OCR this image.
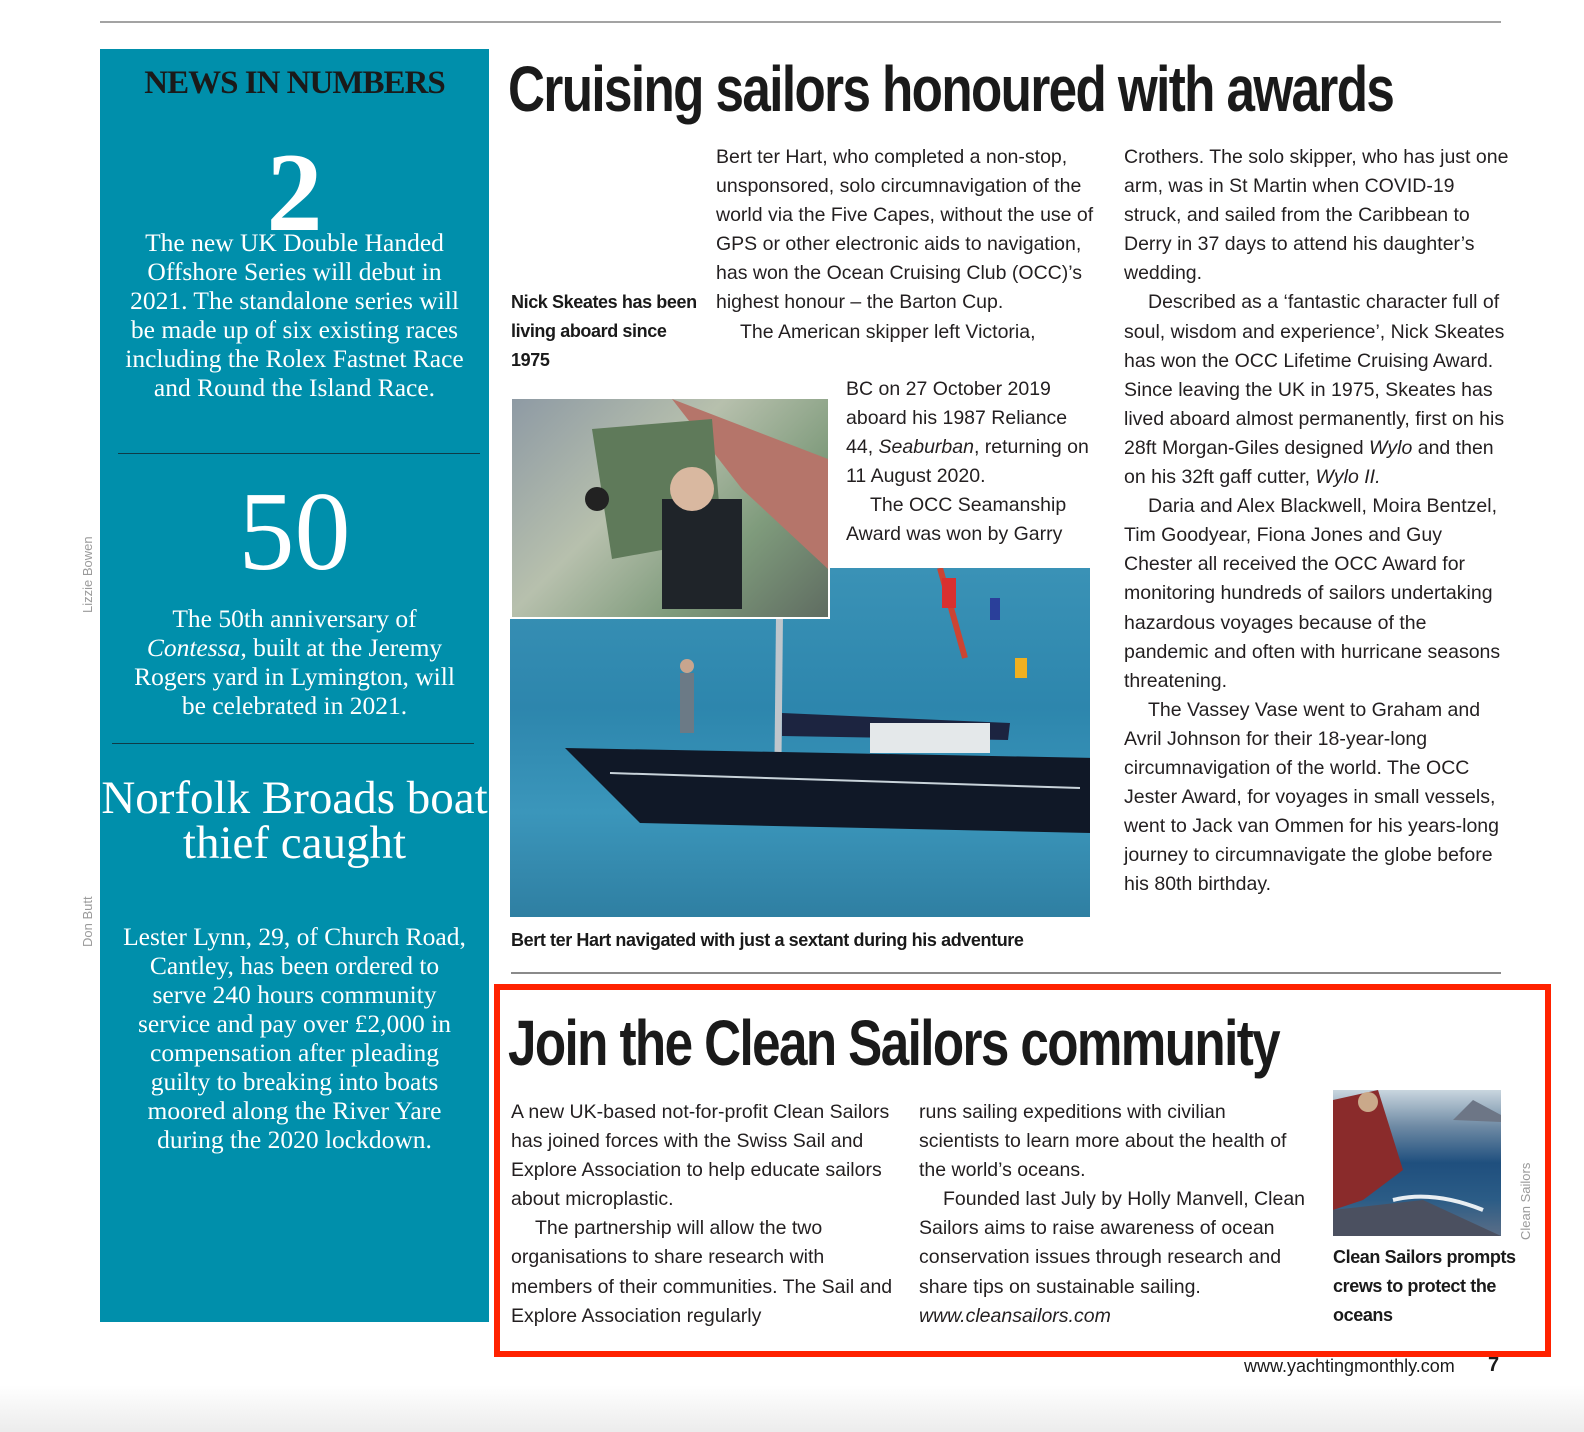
NEWS IN NUMBERS
2
The new UK Double Handed Offshore Series will debut in 2021. The standalone series will be made up of six existing races including the Rolex Fastnet Race and Round the Island Race.
50
The 50th anniversary of Contessa, built at the Jeremy Rogers yard in Lymington, will be celebrated in 2021.
Norfolk Broads boat thief caught
Lester Lynn, 29, of Church Road, Cantley, has been ordered to serve 240 hours community service and pay over £2,000 in compensation after pleading guilty to breaking into boats moored along the River Yare during the 2020 lockdown.
Lizzie Bowen
Don Butt
Clean Sailors
Cruising sailors honoured with awards
Nick Skeates has been living aboard since 1975

Bert ter Hart, who completed a non-stop, unsponsored, solo circumnavigation of the world via the Five Capes, without the use of GPS or other electronic aids to navigation, has won the Ocean Cruising Club (OCC)’s highest honour – the Barton Cup.

The American skipper left Victoria,

BC on 27 October 2019 aboard his 1987 Reliance 44, Seaburban, returning on 11 August 2020.

The OCC Seamanship Award was won by Garry

Bert ter Hart navigated with just a sextant during his adventure

Crothers. The solo skipper, who has just one arm, was in St Martin when COVID-19 struck, and sailed from the Caribbean to Derry in 37 days to attend his daughter’s wedding.

Described as a ‘fantastic character full of soul, wisdom and experience’, Nick Skeates has won the OCC Lifetime Cruising Award. Since leaving the UK in 1975, Skeates has lived aboard almost permanently, first on his 28ft Morgan-Giles designed Wylo and then on his 32ft gaff cutter, Wylo II.

Daria and Alex Blackwell, Moira Bentzel, Tim Goodyear, Fiona Jones and Guy Chester all received the OCC Award for monitoring hundreds of sailors undertaking hazardous voyages because of the pandemic and often with hurricane seasons threatening.

The Vassey Vase went to Graham and Avril Johnson for their 18-year-long circumnavigation of the world. The OCC Jester Award, for voyages in small vessels, went to Jack van Ommen for his years-long journey to circumnavigate the globe before his 80th birthday.

Join the Clean Sailors community

A new UK-based not-for-profit Clean Sailors has joined forces with the Swiss Sail and Explore Association to help educate sailors about microplastic.

The partnership will allow the two organisations to share research with members of their communities. The Sail and Explore Association regularly

runs sailing expeditions with civilian scientists to learn more about the health of the world’s oceans.

Founded last July by Holly Manvell, Clean Sailors aims to raise awareness of ocean conservation issues through research and share tips on sustainable sailing. www.cleansailors.com

Clean Sailors prompts crews to protect the oceans
www.yachtingmonthly.com 7
